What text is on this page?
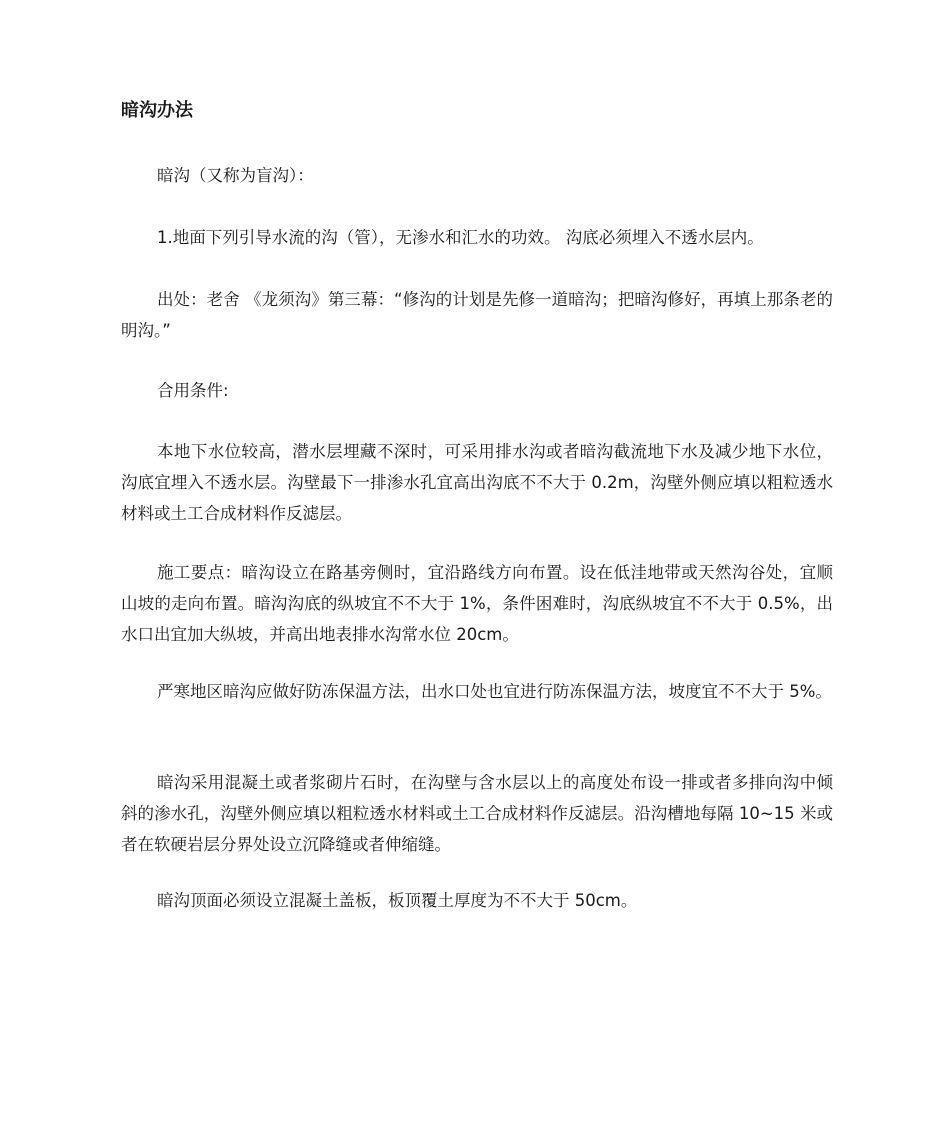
暗沟办法

暗沟（又称为盲沟）：

1.地面下列引导水流的沟（管），无渗水和汇水的功效。 沟底必须埋入不透水层内。

出处：老舍 《龙须沟》第三幕：“修沟的计划是先修一道暗沟；把暗沟修好，再填上那条老的明沟。”

合用条件:

本地下水位较高，潜水层埋藏不深时，可采用排水沟或者暗沟截流地下水及减少地下水位，沟底宜埋入不透水层。沟壁最下一排渗水孔宜高出沟底不不大于 0.2m，沟壁外侧应填以粗粒透水材料或土工合成材料作反滤层。

施工要点：暗沟设立在路基旁侧时，宜沿路线方向布置。设在低洼地带或天然沟谷处，宜顺山坡的走向布置。暗沟沟底的纵坡宜不不大于 1%，条件困难时，沟底纵坡宜不不大于 0.5%，出水口出宜加大纵坡，并高出地表排水沟常水位 20cm。

严寒地区暗沟应做好防冻保温方法，出水口处也宜进行防冻保温方法，坡度宜不不大于 5%。

暗沟采用混凝土或者浆砌片石时，在沟壁与含水层以上的高度处布设一排或者多排向沟中倾斜的渗水孔，沟壁外侧应填以粗粒透水材料或土工合成材料作反滤层。沿沟槽地每隔 10~15 米或者在软硬岩层分界处设立沉降缝或者伸缩缝。

暗沟顶面必须设立混凝土盖板，板顶覆土厚度为不不大于 50cm。
